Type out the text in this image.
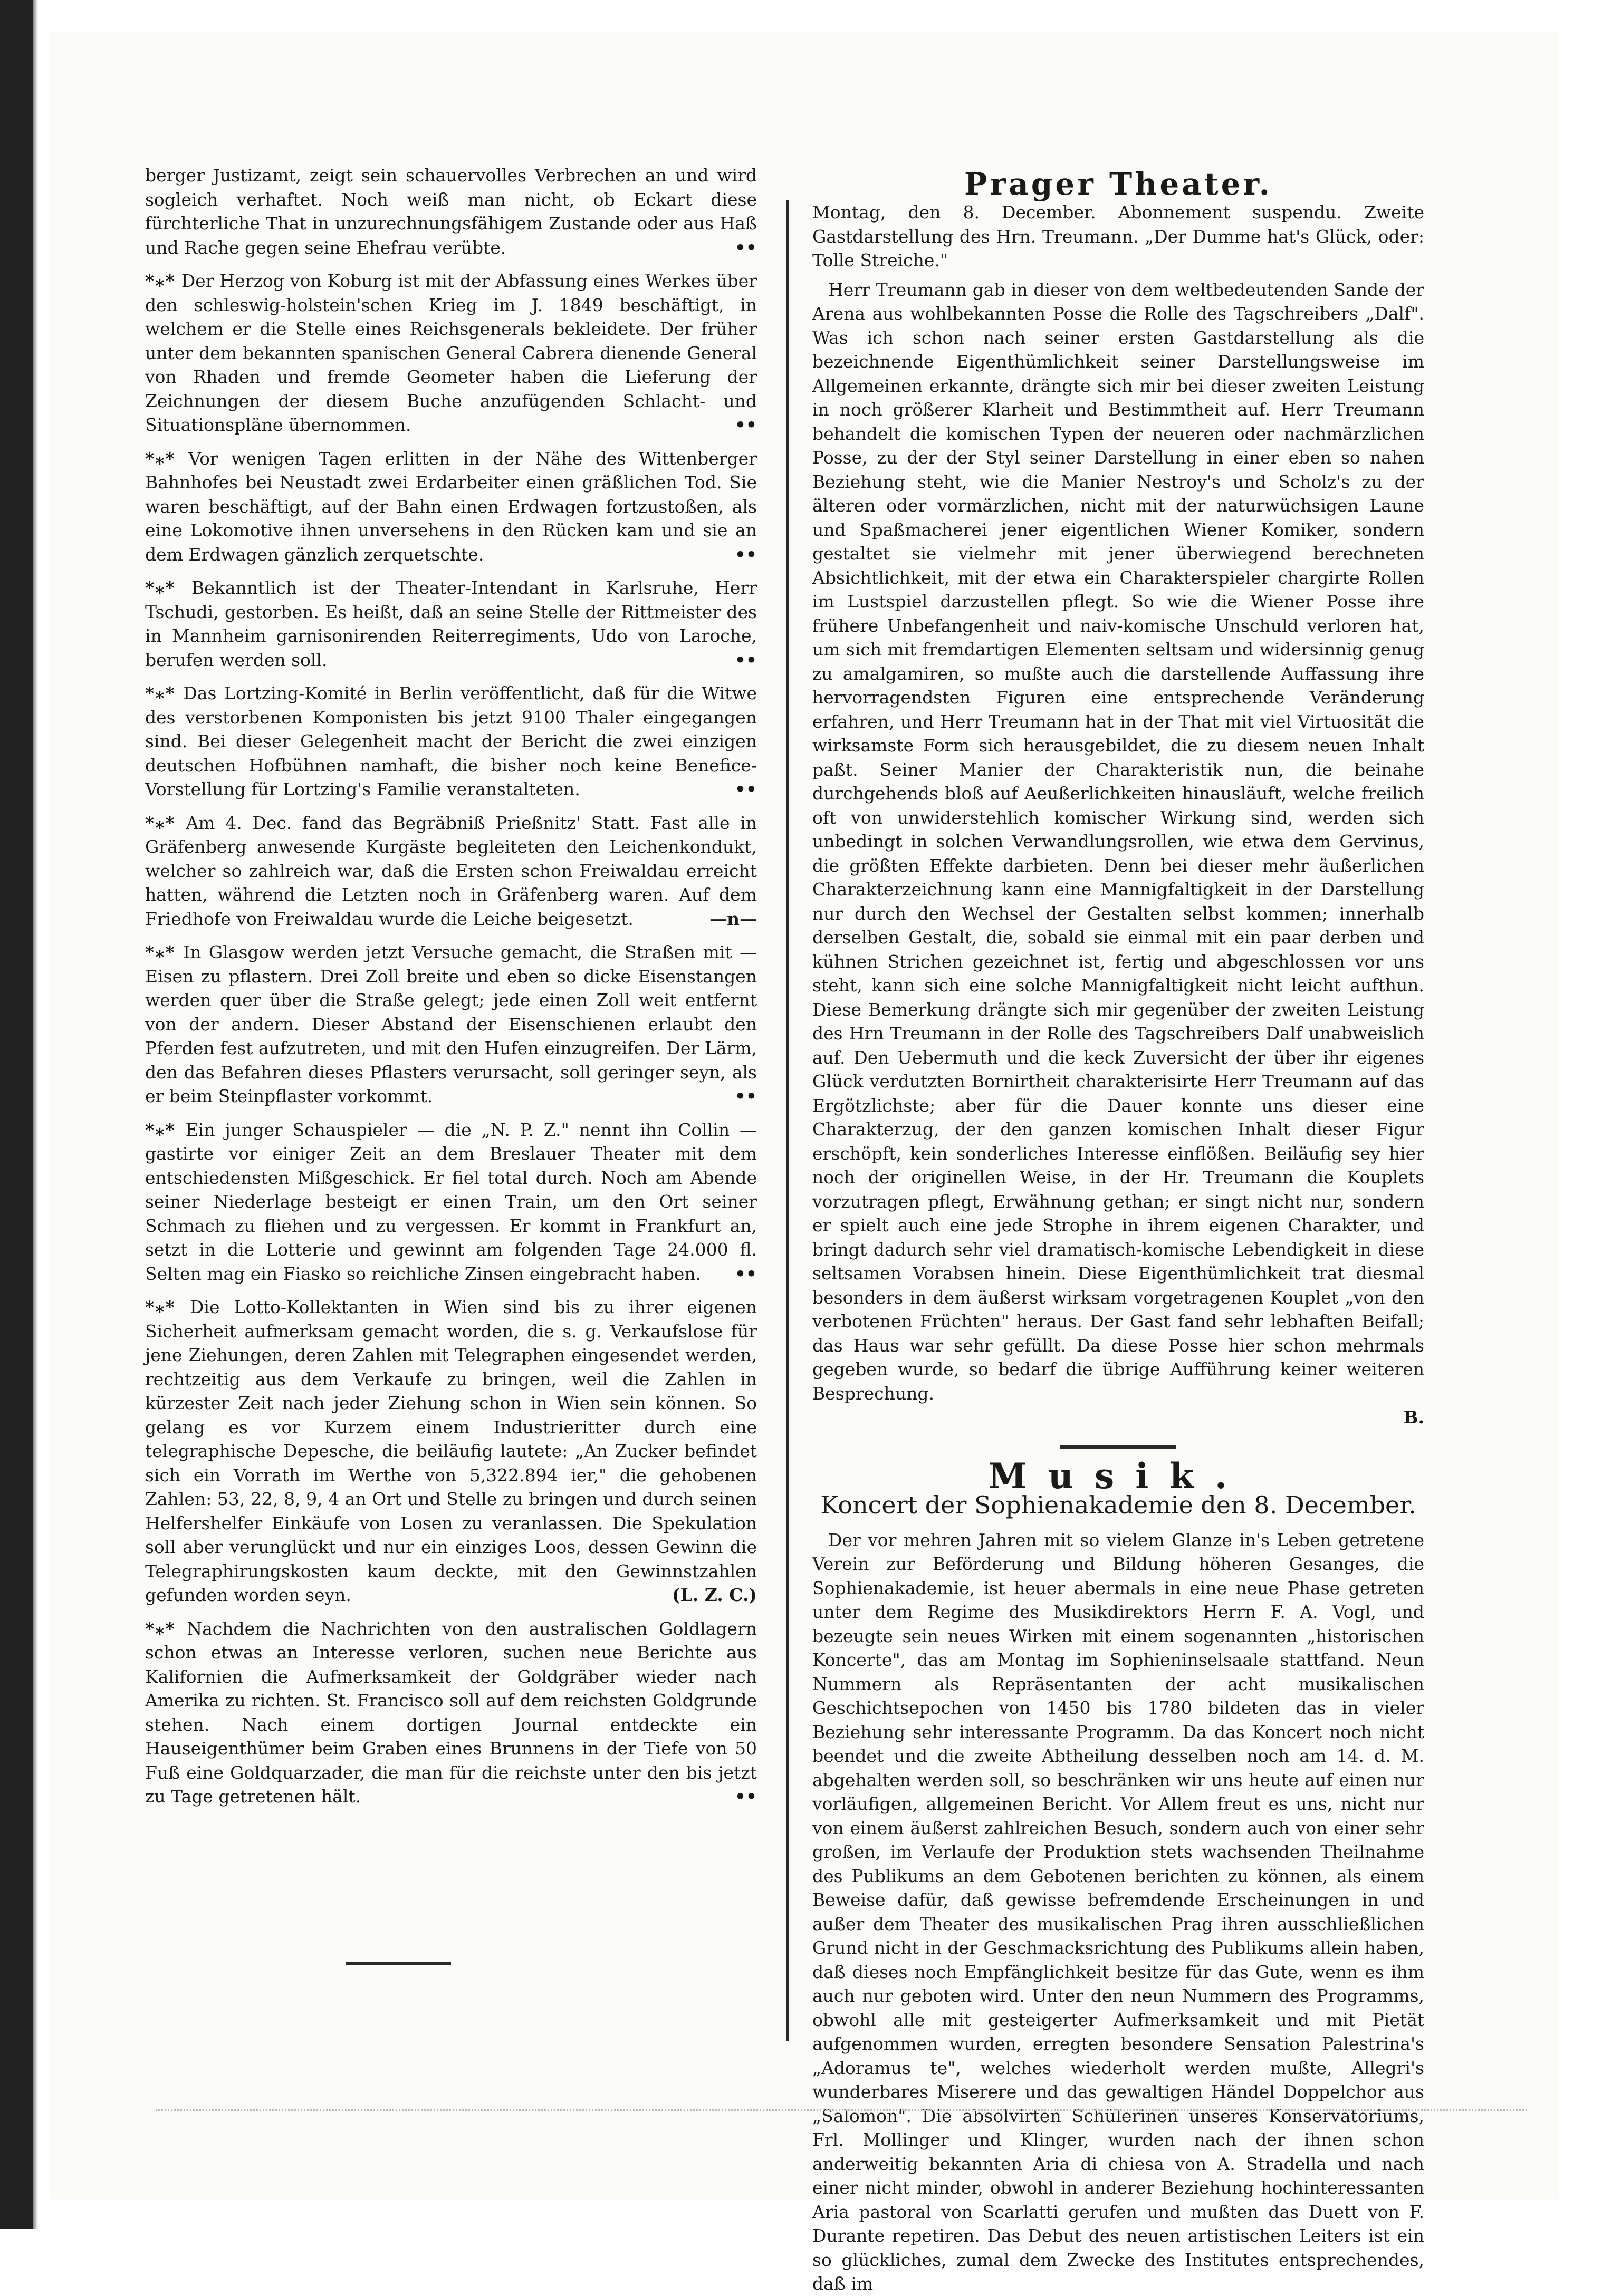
berger Justizamt, zeigt sein schauervolles Verbrechen an und wird sogleich verhaftet. Noch weiß man nicht, ob Eckart diese fürchterliche That in unzurechnungsfähigem Zustande oder aus Haß und Rache gegen seine Ehefrau verübte.	••

*⁎* Der Herzog von Koburg ist mit der Abfassung eines Werkes über den schleswig-holstein'schen Krieg im J. 1849 beschäftigt, in welchem er die Stelle eines Reichsgenerals bekleidete. Der früher unter dem bekannten spanischen General Cabrera dienende General von Rhaden und fremde Geometer haben die Lieferung der Zeichnungen der diesem Buche anzufügenden Schlacht- und Situationspläne übernommen.	••

*⁎* Vor wenigen Tagen erlitten in der Nähe des Wittenberger Bahnhofes bei Neustadt zwei Erdarbeiter einen gräßlichen Tod. Sie waren beschäftigt, auf der Bahn einen Erdwagen fortzustoßen, als eine Lokomotive ihnen unversehens in den Rücken kam und sie an dem Erdwagen gänzlich zerquetschte.	••

*⁎* Bekanntlich ist der Theater-Intendant in Karlsruhe, Herr Tschudi, gestorben. Es heißt, daß an seine Stelle der Rittmeister des in Mannheim garnisonirenden Reiterregiments, Udo von Laroche, berufen werden soll.	••

*⁎* Das Lortzing-Komité in Berlin veröffentlicht, daß für die Witwe des verstorbenen Komponisten bis jetzt 9100 Thaler eingegangen sind. Bei dieser Gelegenheit macht der Bericht die zwei einzigen deutschen Hofbühnen namhaft, die bisher noch keine Benefice-Vorstellung für Lortzing's Familie veranstalteten.	••

*⁎* Am 4. Dec. fand das Begräbniß Prießnitz' Statt. Fast alle in Gräfenberg anwesende Kurgäste begleiteten den Leichenkondukt, welcher so zahlreich war, daß die Ersten schon Freiwaldau erreicht hatten, während die Letzten noch in Gräfenberg waren. Auf dem Friedhofe von Freiwaldau wurde die Leiche beigesetzt.	—n—

*⁎* In Glasgow werden jetzt Versuche gemacht, die Straßen mit — Eisen zu pflastern. Drei Zoll breite und eben so dicke Eisenstangen werden quer über die Straße gelegt; jede einen Zoll weit entfernt von der andern. Dieser Abstand der Eisenschienen erlaubt den Pferden fest aufzutreten, und mit den Hufen einzugreifen. Der Lärm, den das Befahren dieses Pflasters verursacht, soll geringer seyn, als er beim Steinpflaster vorkommt.	••

*⁎* Ein junger Schauspieler — die „N. P. Z." nennt ihn Collin — gastirte vor einiger Zeit an dem Breslauer Theater mit dem entschiedensten Mißgeschick. Er fiel total durch. Noch am Abende seiner Niederlage besteigt er einen Train, um den Ort seiner Schmach zu fliehen und zu vergessen. Er kommt in Frankfurt an, setzt in die Lotterie und gewinnt am folgenden Tage 24.000 fl. Selten mag ein Fiasko so reichliche Zinsen eingebracht haben. ••

*⁎* Die Lotto-Kollektanten in Wien sind bis zu ihrer eigenen Sicherheit aufmerksam gemacht worden, die s. g. Verkaufslose für jene Ziehungen, deren Zahlen mit Telegraphen eingesendet werden, rechtzeitig aus dem Verkaufe zu bringen, weil die Zahlen in kürzester Zeit nach jeder Ziehung schon in Wien sein können. So gelang es vor Kurzem einem Industrieritter durch eine telegraphische Depesche, die beiläufig lautete: „An Zucker befindet sich ein Vorrath im Werthe von 5,322.894 ier," die gehobenen Zahlen: 53, 22, 8, 9, 4 an Ort und Stelle zu bringen und durch seinen Helfershelfer Einkäufe von Losen zu veranlassen. Die Spekulation soll aber verunglückt und nur ein einziges Loos, dessen Gewinn die Telegraphirungskosten kaum deckte, mit den Gewinnstzahlen gefunden worden seyn.	(L. Z. C.)

*⁎* Nachdem die Nachrichten von den australischen Goldlagern schon etwas an Interesse verloren, suchen neue Berichte aus Kalifornien die Aufmerksamkeit der Goldgräber wieder nach Amerika zu richten. St. Francisco soll auf dem reichsten Goldgrunde stehen. Nach einem dortigen Journal entdeckte ein Hauseigenthümer beim Graben eines Brunnens in der Tiefe von 50 Fuß eine Goldquarzader, die man für die reichste unter den bis jetzt zu Tage getretenen hält.	••

Prager Theater.

Montag, den 8. December. Abonnement suspendu. Zweite Gastdarstellung des Hrn. Treumann. „Der Dumme hat's Glück, oder: Tolle Streiche."

Herr Treumann gab in dieser von dem weltbedeutenden Sande der Arena aus wohlbekannten Posse die Rolle des Tagschreibers „Dalf". Was ich schon nach seiner ersten Gastdarstellung als die bezeichnende Eigenthümlichkeit seiner Darstellungsweise im Allgemeinen erkannte, drängte sich mir bei dieser zweiten Leistung in noch größerer Klarheit und Bestimmtheit auf. Herr Treumann behandelt die komischen Typen der neueren oder nachmärzlichen Posse, zu der der Styl seiner Darstellung in einer eben so nahen Beziehung steht, wie die Manier Nestroy's und Scholz's zu der älteren oder vormärzlichen, nicht mit der naturwüchsigen Laune und Spaßmacherei jener eigentlichen Wiener Komiker, sondern gestaltet sie vielmehr mit jener überwiegend berechneten Absichtlichkeit, mit der etwa ein Charakterspieler chargirte Rollen im Lustspiel darzustellen pflegt. So wie die Wiener Posse ihre frühere Unbefangenheit und naiv-komische Unschuld verloren hat, um sich mit fremdartigen Elementen seltsam und widersinnig genug zu amalgamiren, so mußte auch die darstellende Auffassung ihre hervorragendsten Figuren eine entsprechende Veränderung erfahren, und Herr Treumann hat in der That mit viel Virtuosität die wirksamste Form sich herausgebildet, die zu diesem neuen Inhalt paßt. Seiner Manier der Charakteristik nun, die beinahe durchgehends bloß auf Aeußerlichkeiten hinausläuft, welche freilich oft von unwiderstehlich komischer Wirkung sind, werden sich unbedingt in solchen Verwandlungsrollen, wie etwa dem Gervinus, die größten Effekte darbieten. Denn bei dieser mehr äußerlichen Charakterzeichnung kann eine Mannigfaltigkeit in der Darstellung nur durch den Wechsel der Gestalten selbst kommen; innerhalb derselben Gestalt, die, sobald sie einmal mit ein paar derben und kühnen Strichen gezeichnet ist, fertig und abgeschlossen vor uns steht, kann sich eine solche Mannigfaltigkeit nicht leicht aufthun. Diese Bemerkung drängte sich mir gegenüber der zweiten Leistung des Hrn Treumann in der Rolle des Tagschreibers Dalf unabweislich auf. Den Uebermuth und die keck Zuversicht der über ihr eigenes Glück verdutzten Bornirtheit charakterisirte Herr Treumann auf das Ergötzlichste; aber für die Dauer konnte uns dieser eine Charakterzug, der den ganzen komischen Inhalt dieser Figur erschöpft, kein sonderliches Interesse einflößen. Beiläufig sey hier noch der originellen Weise, in der Hr. Treumann die Kouplets vorzutragen pflegt, Erwähnung gethan; er singt nicht nur, sondern er spielt auch eine jede Strophe in ihrem eigenen Charakter, und bringt dadurch sehr viel dramatisch-komische Lebendigkeit in diese seltsamen Vorabsen hinein. Diese Eigenthümlichkeit trat diesmal besonders in dem äußerst wirksam vorgetragenen Kouplet „von den verbotenen Früchten" heraus. Der Gast fand sehr lebhaften Beifall; das Haus war sehr gefüllt. Da diese Posse hier schon mehrmals gegeben wurde, so bedarf die übrige Aufführung keiner weiteren Besprechung.

B.
Musik.
Koncert der Sophienakademie den 8. December.

Der vor mehren Jahren mit so vielem Glanze in's Leben getretene Verein zur Beförderung und Bildung höheren Gesanges, die Sophienakademie, ist heuer abermals in eine neue Phase getreten unter dem Regime des Musikdirektors Herrn F. A. Vogl, und bezeugte sein neues Wirken mit einem sogenannten „historischen Koncerte", das am Montag im Sophieninselsaale stattfand. Neun Nummern als Repräsentanten der acht musikalischen Geschichtsepochen von 1450 bis 1780 bildeten das in vieler Beziehung sehr interessante Programm. Da das Koncert noch nicht beendet und die zweite Abtheilung desselben noch am 14. d. M. abgehalten werden soll, so beschränken wir uns heute auf einen nur vorläufigen, allgemeinen Bericht. Vor Allem freut es uns, nicht nur von einem äußerst zahlreichen Besuch, sondern auch von einer sehr großen, im Verlaufe der Produktion stets wachsenden Theilnahme des Publikums an dem Gebotenen berichten zu können, als einem Beweise dafür, daß gewisse befremdende Erscheinungen in und außer dem Theater des musikalischen Prag ihren ausschließlichen Grund nicht in der Geschmacksrichtung des Publikums allein haben, daß dieses noch Empfänglichkeit besitze für das Gute, wenn es ihm auch nur geboten wird. Unter den neun Nummern des Programms, obwohl alle mit gesteigerter Aufmerksamkeit und mit Pietät aufgenommen wurden, erregten besondere Sensation Palestrina's „Adoramus te", welches wiederholt werden mußte, Allegri's wunderbares Miserere und das gewaltigen Händel Doppelchor aus „Salomon". Die absolvirten Schülerinen unseres Konservatoriums, Frl. Mollinger und Klinger, wurden nach der ihnen schon anderweitig bekannten Aria di chiesa von A. Stradella und nach einer nicht minder, obwohl in anderer Beziehung hochinteressanten Aria pastoral von Scarlatti gerufen und mußten das Duett von F. Durante repetiren. Das Debut des neuen artistischen Leiters ist ein so glückliches, zumal dem Zwecke des Institutes entsprechendes, daß im
